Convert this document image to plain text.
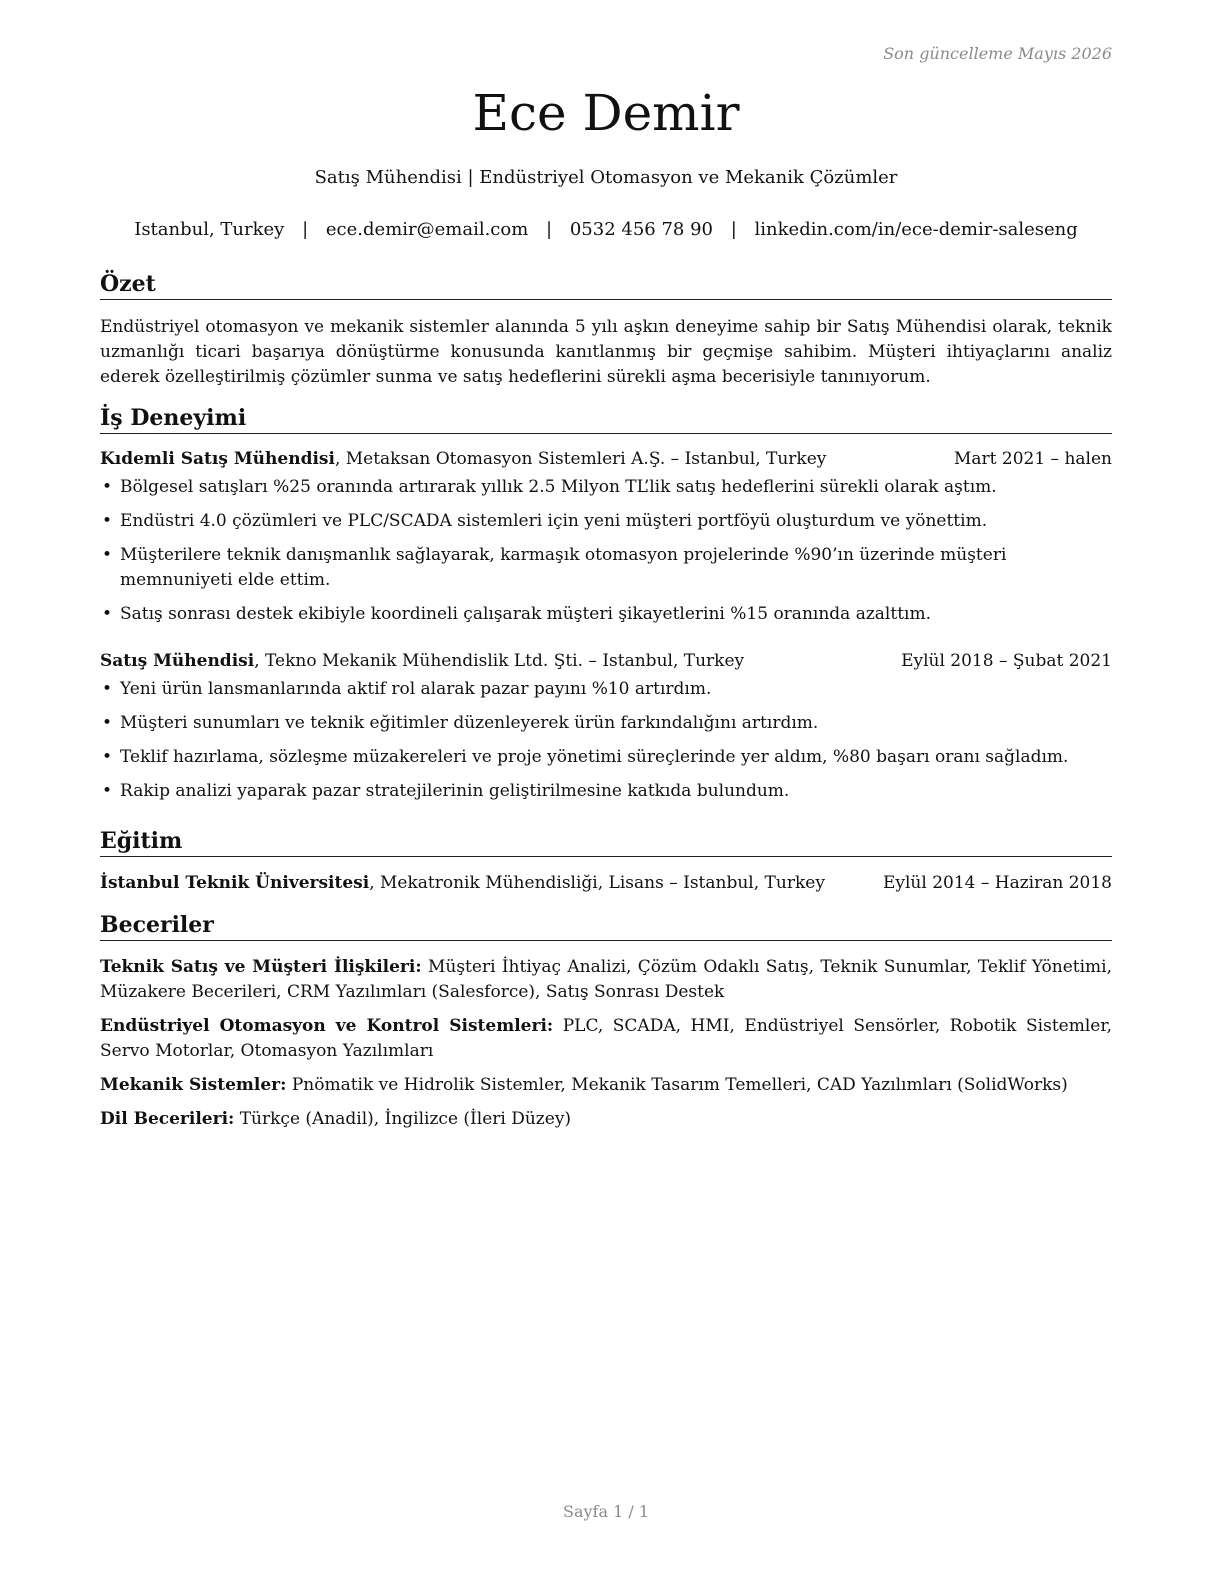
Son güncelleme Mayıs 2026
Ece Demir
Satış Mühendisi | Endüstriyel Otomasyon ve Mekanik Çözümler
Istanbul, Turkey | ece.demir@email.com | 0532 456 78 90 | linkedin.com/in/ece-demir-saleseng
Özet
Endüstriyel otomasyon ve mekanik sistemler alanında 5 yılı aşkın deneyime sahip bir Satış Mühendisi olarak, teknik uzmanlığı ticari başarıya dönüştürme konusunda kanıtlanmış bir geçmişe sahibim. Müşteri ihtiyaçlarını analiz ederek özelleştirilmiş çözümler sunma ve satış hedeflerini sürekli aşma becerisiyle tanınıyorum.
İş Deneyimi
Kıdemli Satış Mühendisi, Metaksan Otomasyon Sistemleri A.Ş. – Istanbul, Turkey	Mart 2021 – halen
• Bölgesel satışları %25 oranında artırarak yıllık 2.5 Milyon TL’lik satış hedeflerini sürekli olarak aştım.
• Endüstri 4.0 çözümleri ve PLC/SCADA sistemleri için yeni müşteri portföyü oluşturdum ve yönettim.
• Müşterilere teknik danışmanlık sağlayarak, karmaşık otomasyon projelerinde %90’ın üzerinde müşteri memnuniyeti elde ettim.
• Satış sonrası destek ekibiyle koordineli çalışarak müşteri şikayetlerini %15 oranında azalttım.
Satış Mühendisi, Tekno Mekanik Mühendislik Ltd. Şti. – Istanbul, Turkey	Eylül 2018 – Şubat 2021
• Yeni ürün lansmanlarında aktif rol alarak pazar payını %10 artırdım.
• Müşteri sunumları ve teknik eğitimler düzenleyerek ürün farkındalığını artırdım.
• Teklif hazırlama, sözleşme müzakereleri ve proje yönetimi süreçlerinde yer aldım, %80 başarı oranı sağladım.
• Rakip analizi yaparak pazar stratejilerinin geliştirilmesine katkıda bulundum.
Eğitim
İstanbul Teknik Üniversitesi, Mekatronik Mühendisliği, Lisans – Istanbul, Turkey	Eylül 2014 – Haziran 2018
Beceriler
Teknik Satış ve Müşteri İlişkileri: Müşteri İhtiyaç Analizi, Çözüm Odaklı Satış, Teknik Sunumlar, Teklif Yönetimi, Müzakere Becerileri, CRM Yazılımları (Salesforce), Satış Sonrası Destek
Endüstriyel Otomasyon ve Kontrol Sistemleri: PLC, SCADA, HMI, Endüstriyel Sensörler, Robotik Sistemler, Servo Motorlar, Otomasyon Yazılımları
Mekanik Sistemler: Pnömatik ve Hidrolik Sistemler, Mekanik Tasarım Temelleri, CAD Yazılımları (SolidWorks)
Dil Becerileri: Türkçe (Anadil), İngilizce (İleri Düzey)
Sayfa 1 / 1
